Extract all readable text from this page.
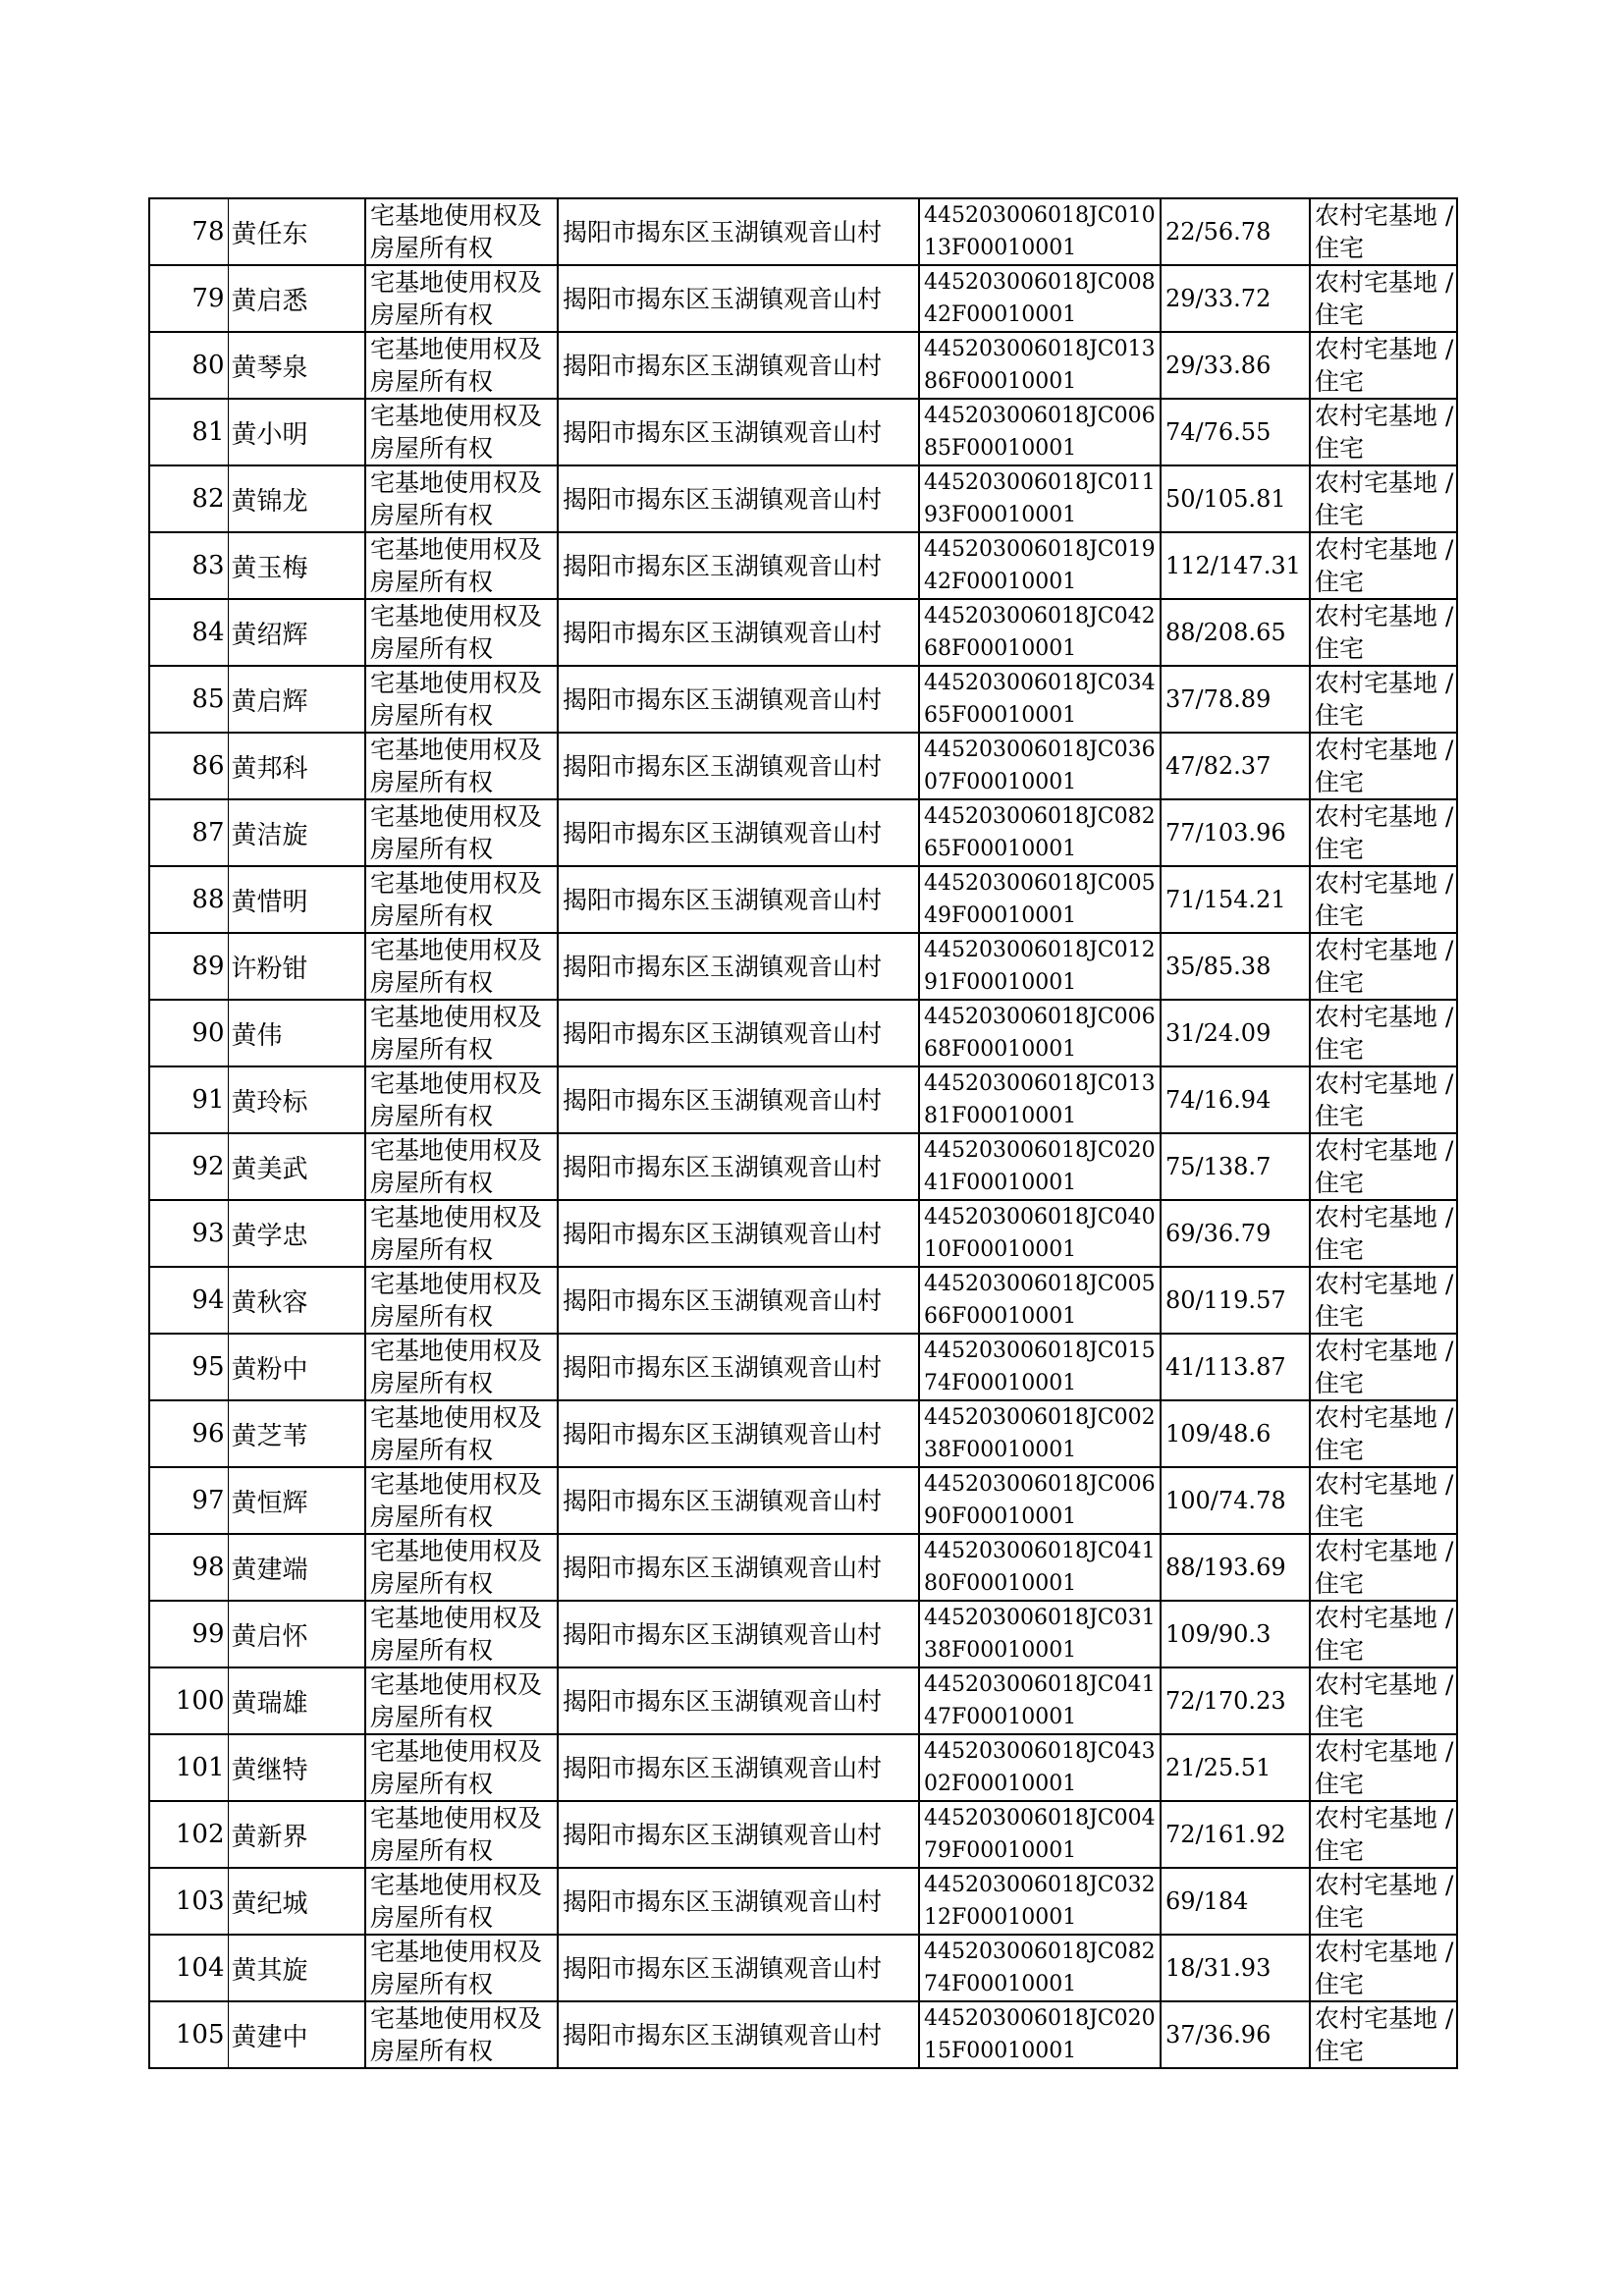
78	黄任东	宅基地使用权及房屋所有权	揭阳市揭东区玉湖镇观音山村	445203006018JC01013F00010001	22/56.78	农村宅基地 / 住宅

79	黄启悉	宅基地使用权及房屋所有权	揭阳市揭东区玉湖镇观音山村	445203006018JC00842F00010001	29/33.72	农村宅基地 / 住宅

80	黄琴泉	宅基地使用权及房屋所有权	揭阳市揭东区玉湖镇观音山村	445203006018JC01386F00010001	29/33.86	农村宅基地 / 住宅

81	黄小明	宅基地使用权及房屋所有权	揭阳市揭东区玉湖镇观音山村	445203006018JC00685F00010001	74/76.55	农村宅基地 / 住宅

82	黄锦龙	宅基地使用权及房屋所有权	揭阳市揭东区玉湖镇观音山村	445203006018JC01193F00010001	50/105.81	农村宅基地 / 住宅

83	黄玉梅	宅基地使用权及房屋所有权	揭阳市揭东区玉湖镇观音山村	445203006018JC01942F00010001	112/147.31	农村宅基地 / 住宅

84	黄绍辉	宅基地使用权及房屋所有权	揭阳市揭东区玉湖镇观音山村	445203006018JC04268F00010001	88/208.65	农村宅基地 / 住宅

85	黄启辉	宅基地使用权及房屋所有权	揭阳市揭东区玉湖镇观音山村	445203006018JC03465F00010001	37/78.89	农村宅基地 / 住宅

86	黄邦科	宅基地使用权及房屋所有权	揭阳市揭东区玉湖镇观音山村	445203006018JC03607F00010001	47/82.37	农村宅基地 / 住宅

87	黄洁旋	宅基地使用权及房屋所有权	揭阳市揭东区玉湖镇观音山村	445203006018JC08265F00010001	77/103.96	农村宅基地 / 住宅

88	黄惜明	宅基地使用权及房屋所有权	揭阳市揭东区玉湖镇观音山村	445203006018JC00549F00010001	71/154.21	农村宅基地 / 住宅

89	许粉钳	宅基地使用权及房屋所有权	揭阳市揭东区玉湖镇观音山村	445203006018JC01291F00010001	35/85.38	农村宅基地 / 住宅

90	黄伟	宅基地使用权及房屋所有权	揭阳市揭东区玉湖镇观音山村	445203006018JC00668F00010001	31/24.09	农村宅基地 / 住宅

91	黄玲标	宅基地使用权及房屋所有权	揭阳市揭东区玉湖镇观音山村	445203006018JC01381F00010001	74/16.94	农村宅基地 / 住宅

92	黄美武	宅基地使用权及房屋所有权	揭阳市揭东区玉湖镇观音山村	445203006018JC02041F00010001	75/138.7	农村宅基地 / 住宅

93	黄学忠	宅基地使用权及房屋所有权	揭阳市揭东区玉湖镇观音山村	445203006018JC04010F00010001	69/36.79	农村宅基地 / 住宅

94	黄秋容	宅基地使用权及房屋所有权	揭阳市揭东区玉湖镇观音山村	445203006018JC00566F00010001	80/119.57	农村宅基地 / 住宅

95	黄粉中	宅基地使用权及房屋所有权	揭阳市揭东区玉湖镇观音山村	445203006018JC01574F00010001	41/113.87	农村宅基地 / 住宅

96	黄芝苇	宅基地使用权及房屋所有权	揭阳市揭东区玉湖镇观音山村	445203006018JC00238F00010001	109/48.6	农村宅基地 / 住宅

97	黄恒辉	宅基地使用权及房屋所有权	揭阳市揭东区玉湖镇观音山村	445203006018JC00690F00010001	100/74.78	农村宅基地 / 住宅

98	黄建端	宅基地使用权及房屋所有权	揭阳市揭东区玉湖镇观音山村	445203006018JC04180F00010001	88/193.69	农村宅基地 / 住宅

99	黄启怀	宅基地使用权及房屋所有权	揭阳市揭东区玉湖镇观音山村	445203006018JC03138F00010001	109/90.3	农村宅基地 / 住宅

100	黄瑞雄	宅基地使用权及房屋所有权	揭阳市揭东区玉湖镇观音山村	445203006018JC04147F00010001	72/170.23	农村宅基地 / 住宅

101	黄继特	宅基地使用权及房屋所有权	揭阳市揭东区玉湖镇观音山村	445203006018JC04302F00010001	21/25.51	农村宅基地 / 住宅

102	黄新界	宅基地使用权及房屋所有权	揭阳市揭东区玉湖镇观音山村	445203006018JC00479F00010001	72/161.92	农村宅基地 / 住宅

103	黄纪城	宅基地使用权及房屋所有权	揭阳市揭东区玉湖镇观音山村	445203006018JC03212F00010001	69/184	农村宅基地 / 住宅

104	黄其旋	宅基地使用权及房屋所有权	揭阳市揭东区玉湖镇观音山村	445203006018JC08274F00010001	18/31.93	农村宅基地 / 住宅

105	黄建中	宅基地使用权及房屋所有权	揭阳市揭东区玉湖镇观音山村	445203006018JC02015F00010001	37/36.96	农村宅基地 / 住宅
